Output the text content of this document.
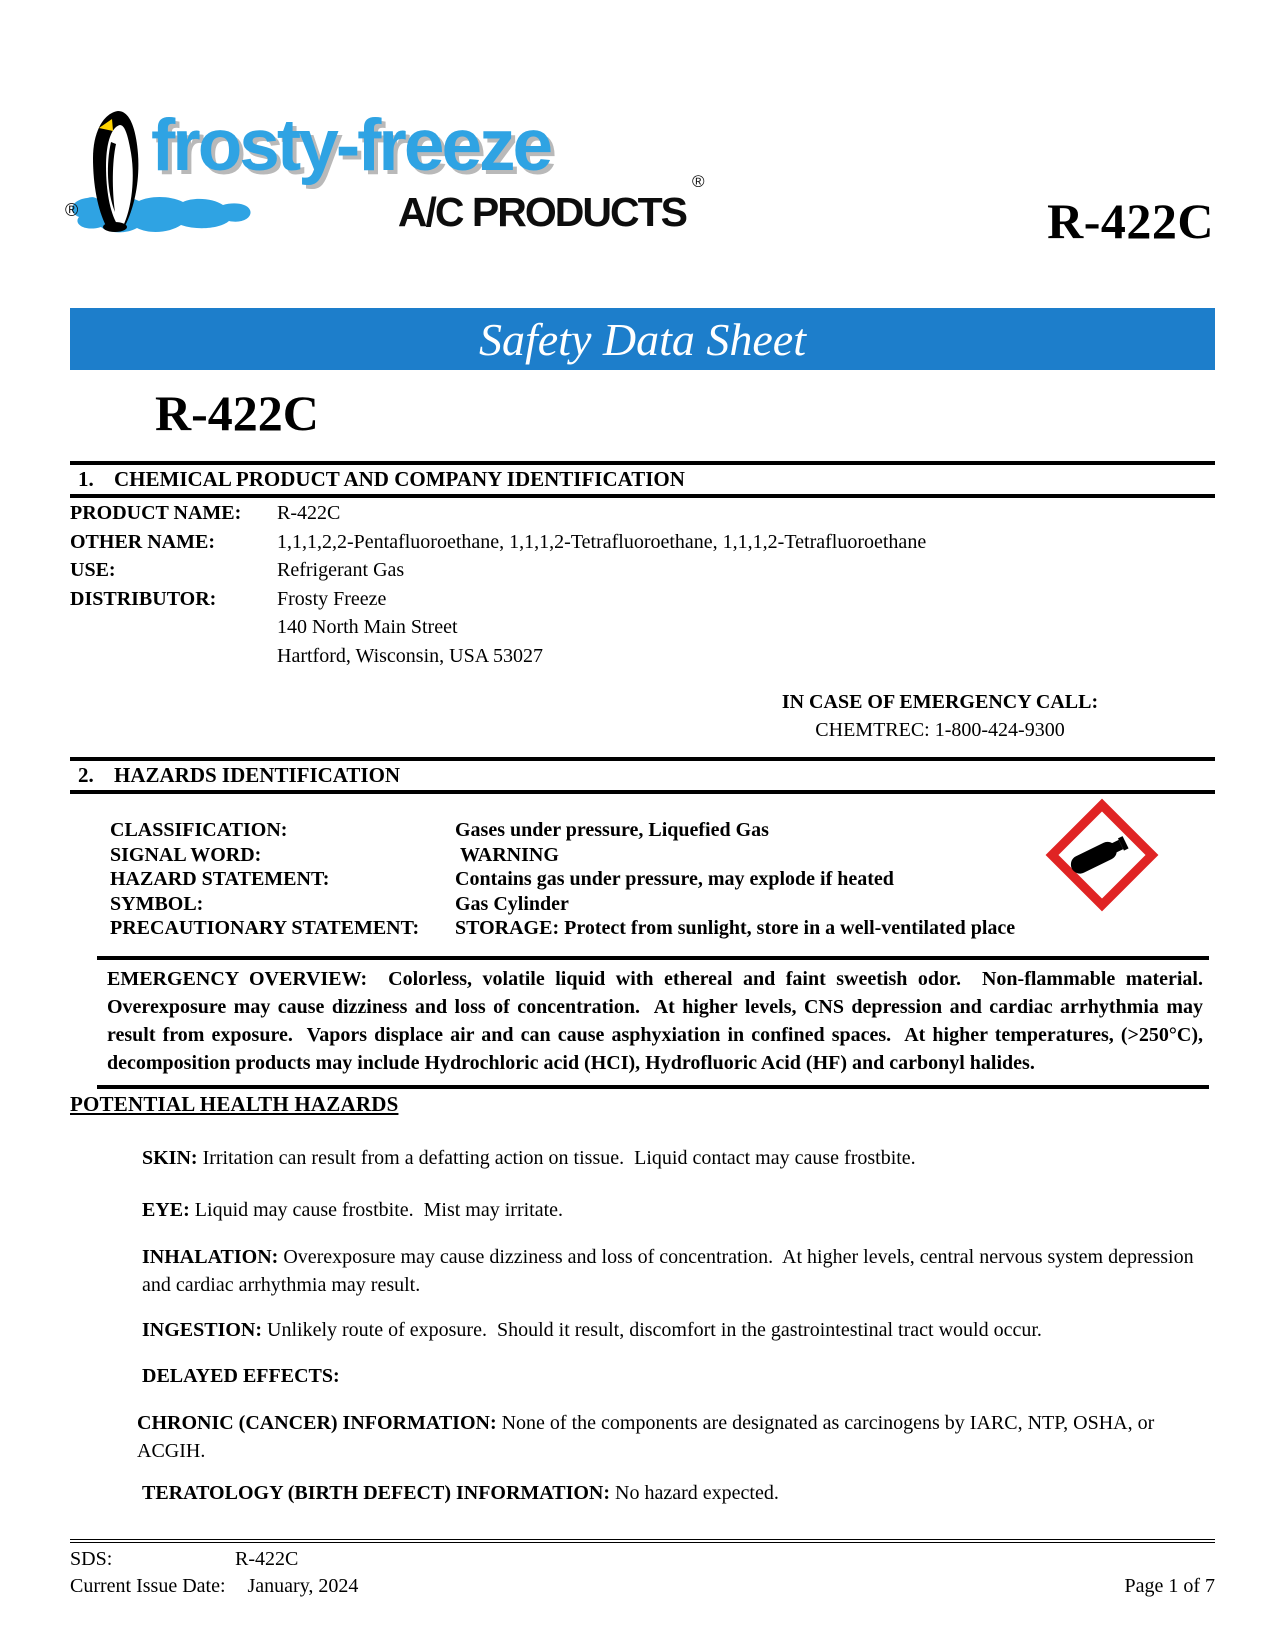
frosty-freeze	®
A/C PRODUCTS
®	R-422C
Safety Data Sheet
R-422C
1. CHEMICAL PRODUCT AND COMPANY IDENTIFICATION
PRODUCT NAME:	R-422C
OTHER NAME:	1,1,1,2,2-Pentafluoroethane, 1,1,1,2-Tetrafluoroethane, 1,1,1,2-Tetrafluoroethane
USE:	Refrigerant Gas
DISTRIBUTOR:	Frosty Freeze
140 North Main Street
Hartford, Wisconsin, USA 53027
IN CASE OF EMERGENCY CALL:
CHEMTREC: 1-800-424-9300
2. HAZARDS IDENTIFICATION
CLASSIFICATION:	Gases under pressure, Liquefied Gas
SIGNAL WORD:	WARNING
HAZARD STATEMENT:	Contains gas under pressure, may explode if heated
SYMBOL:	Gas Cylinder
PRECAUTIONARY STATEMENT:	STORAGE: Protect from sunlight, store in a well-ventilated place
EMERGENCY OVERVIEW:  Colorless, volatile liquid with ethereal and faint sweetish odor.  Non-flammable material. Overexposure may cause dizziness and loss of concentration.  At higher levels, CNS depression and cardiac arrhythmia may result from exposure.  Vapors displace air and can cause asphyxiation in confined spaces.  At higher temperatures, (>250°C), decomposition products may include Hydrochloric acid (HCI), Hydrofluoric Acid (HF) and carbonyl halides.
POTENTIAL HEALTH HAZARDS

SKIN: Irritation can result from a defatting action on tissue.  Liquid contact may cause frostbite.

EYE: Liquid may cause frostbite.  Mist may irritate.

INHALATION: Overexposure may cause dizziness and loss of concentration.  At higher levels, central nervous system depression and cardiac arrhythmia may result.

INGESTION: Unlikely route of exposure.  Should it result, discomfort in the gastrointestinal tract would occur.

DELAYED EFFECTS:

CHRONIC (CANCER) INFORMATION: None of the components are designated as carcinogens by IARC, NTP, OSHA, or ACGIH.

TERATOLOGY (BIRTH DEFECT) INFORMATION: No hazard expected.

SDS:	R-422C
Current Issue Date: January, 2024	Page 1 of 7
